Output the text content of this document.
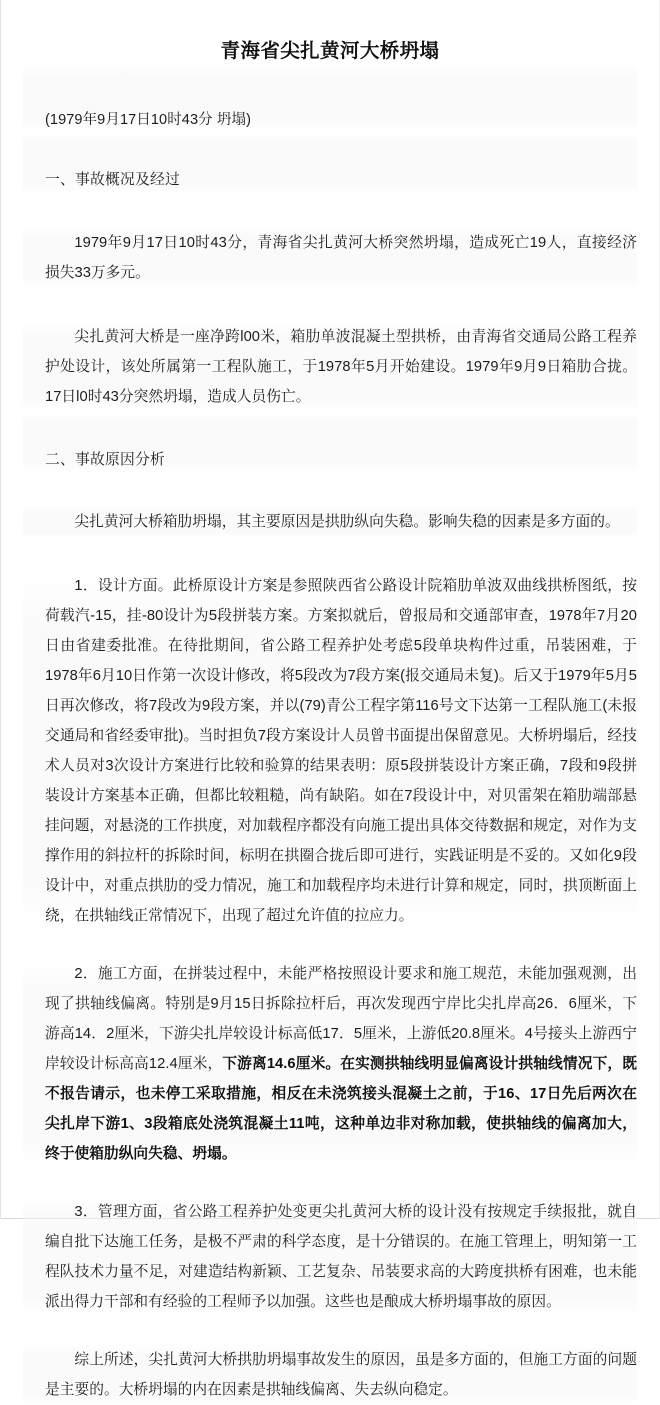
青海省尖扎黄河大桥坍塌

(1979年9月17日10时43分 坍塌)

一、事故概况及经过

1979年9月17日10时43分，青海省尖扎黄河大桥突然坍塌，造成死亡19人，直接经济损失33万多元。

尖扎黄河大桥是一座净跨l00米，箱肋单波混凝土型拱桥，由青海省交通局公路工程养护处设计，该处所属第一工程队施工，于1978年5月开始建设。1979年9月9日箱肋合拢。17日l0时43分突然坍塌，造成人员伤亡。

二、事故原因分析

尖扎黄河大桥箱肋坍塌，其主要原因是拱肋纵向失稳。影响失稳的因素是多方面的。

1．设计方面。此桥原设计方案是参照陕西省公路设计院箱肋单波双曲线拱桥图纸，按荷载汽-15，挂-80设计为5段拼装方案。方案拟就后，曾报局和交通部审查，1978年7月20日由省建委批准。在待批期间，省公路工程养护处考虑5段单块构件过重，吊装困难，于1978年6月10日作第一次设计修改，将5段改为7段方案(报交通局未复)。后又于1979年5月5日再次修改，将7段改为9段方案，并以(79)青公工程字第116号文下达第一工程队施工(未报交通局和省经委审批)。当时担负7段方案设计人员曾书面提出保留意见。大桥坍塌后，经技术人员对3次设计方案进行比较和验算的结果表明：原5段拼装设计方案正确，7段和9段拼装设计方案基本正确，但都比较粗糙，尚有缺陷。如在7段设计中，对贝雷架在箱肋端部悬挂问题，对悬浇的工作拱度，对加载程序都没有向施工提出具体交待数据和规定，对作为支撑作用的斜拉杆的拆除时间，标明在拱圈合拢后即可进行，实践证明是不妥的。又如化9段设计中，对重点拱肋的受力情况，施工和加载程序均未进行计算和规定，同时，拱顶断面上绕，在拱轴线正常情况下，出现了超过允许值的拉应力。

2．施工方面，在拼装过程中，未能严格按照设计要求和施工规范，未能加强观测，出现了拱轴线偏离。特别是9月15日拆除拉杆后，再次发现西宁岸比尖扎岸高26．6厘米，下游高14．2厘米，下游尖扎岸较设计标高低17．5厘米，上游低20.8厘米。4号接头上游西宁岸较设计标高高12.4厘米，下游离14.6厘米。在实测拱轴线明显偏离设计拱轴线情况下，既不报告请示，也未停工采取措施，相反在未浇筑接头混凝土之前，于16、17日先后两次在尖扎岸下游1、3段箱底处浇筑混凝土11吨，这种单边非对称加载，使拱轴线的偏离加大，终于使箱肋纵向失稳、坍塌。

3．管理方面，省公路工程养护处变更尖扎黄河大桥的设计没有按规定手续报批，就自编自批下达施工任务，是极不严肃的科学态度，是十分错误的。在施工管理上，明知第一工程队技术力量不足，对建造结构新颖、工艺复杂、吊装要求高的大跨度拱桥有困难，也未能派出得力干部和有经验的工程师予以加强。这些也是酿成大桥坍塌事故的原因。

综上所述，尖扎黄河大桥拱肋坍塌事故发生的原因，虽是多方面的，但施工方面的问题是主要的。大桥坍塌的内在因素是拱轴线偏离、失去纵向稳定。
